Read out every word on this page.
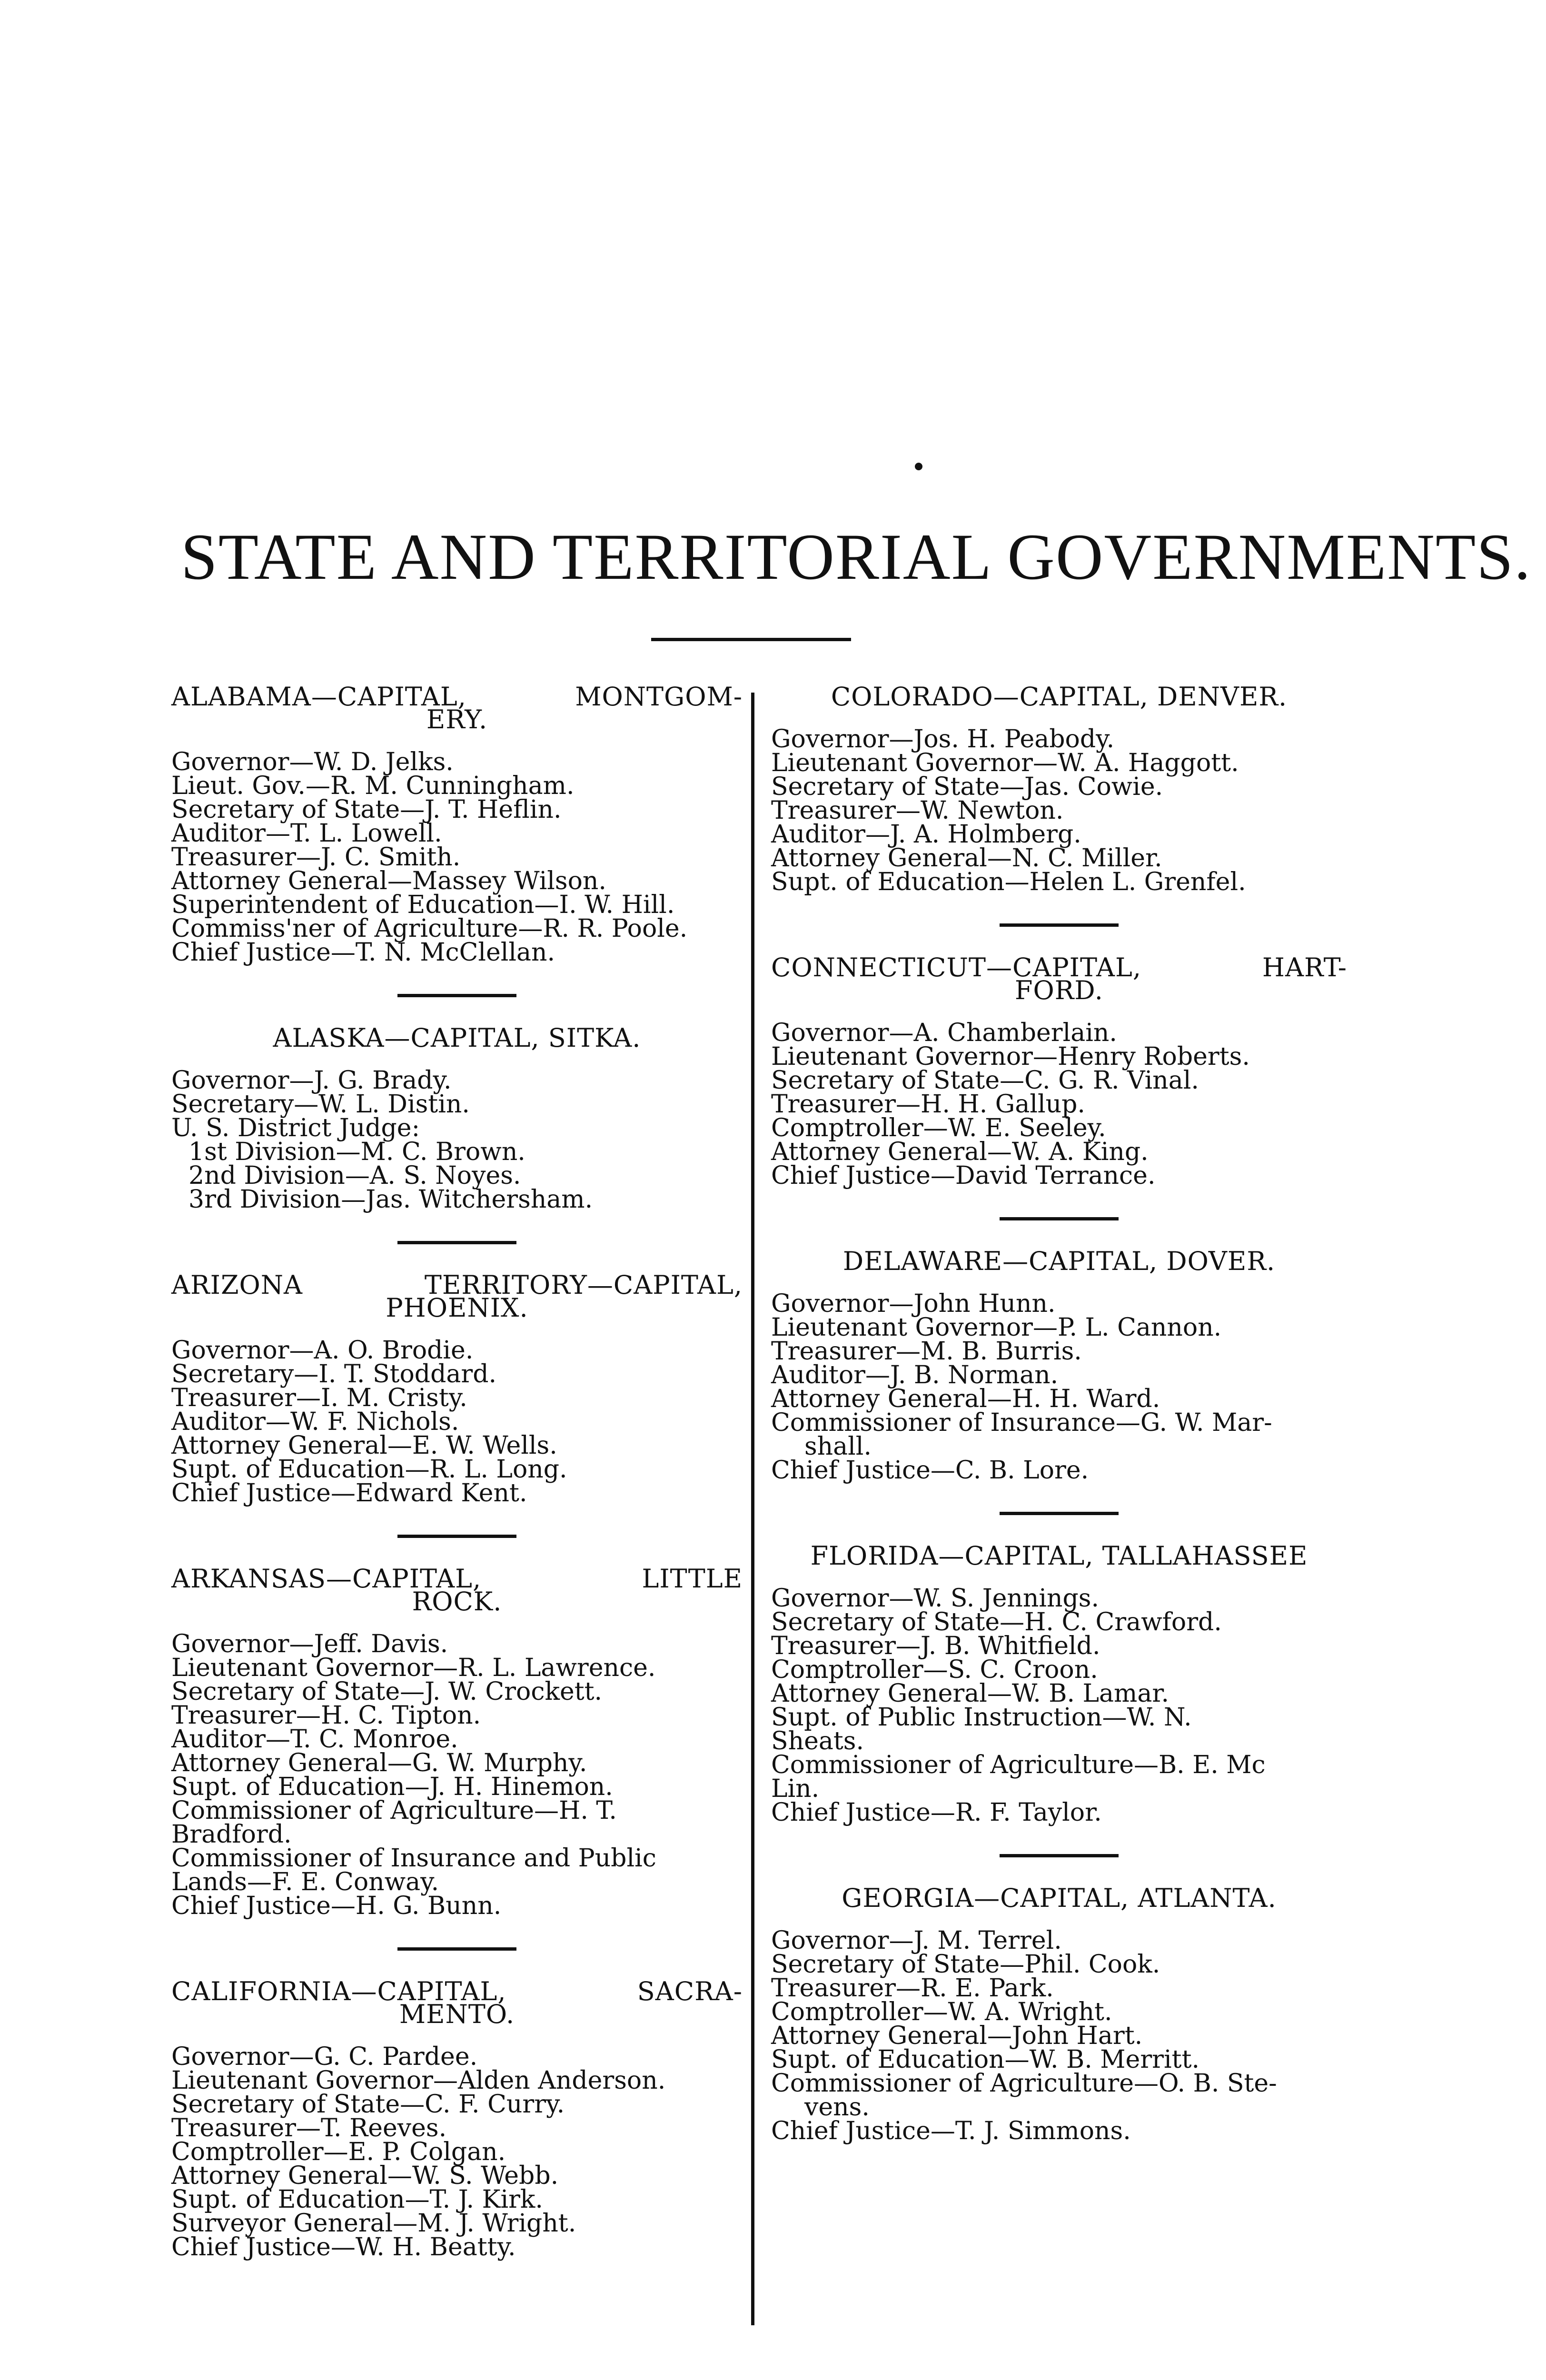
STATE AND TERRITORIAL GOVERNMENTS.
ALABAMA—CAPITAL, MONTGOM-
ERY.
Governor—W. D. Jelks.
Lieut. Gov.—R. M. Cunningham.
Secretary of State—J. T. Heflin.
Auditor—T. L. Lowell.
Treasurer—J. C. Smith.
Attorney General—Massey Wilson.
Superintendent of Education—I. W. Hill.
Commiss'ner of Agriculture—R. R. Poole.
Chief Justice—T. N. McClellan.
ALASKA—CAPITAL, SITKA.
Governor—J. G. Brady.
Secretary—W. L. Distin.
U. S. District Judge:
1st Division—M. C. Brown.
2nd Division—A. S. Noyes.
3rd Division—Jas. Witchersham.
ARIZONA TERRITORY—CAPITAL,
PHOENIX.
Governor—A. O. Brodie.
Secretary—I. T. Stoddard.
Treasurer—I. M. Cristy.
Auditor—W. F. Nichols.
Attorney General—E. W. Wells.
Supt. of Education—R. L. Long.
Chief Justice—Edward Kent.
ARKANSAS—CAPITAL, LITTLE
ROCK.
Governor—Jeff. Davis.
Lieutenant Governor—R. L. Lawrence.
Secretary of State—J. W. Crockett.
Treasurer—H. C. Tipton.
Auditor—T. C. Monroe.
Attorney General—G. W. Murphy.
Supt. of Education—J. H. Hinemon.
Commissioner of Agriculture—H. T.
Bradford.
Commissioner of Insurance and Public
Lands—F. E. Conway.
Chief Justice—H. G. Bunn.
CALIFORNIA—CAPITAL, SACRA-
MENTO.
Governor—G. C. Pardee.
Lieutenant Governor—Alden Anderson.
Secretary of State—C. F. Curry.
Treasurer—T. Reeves.
Comptroller—E. P. Colgan.
Attorney General—W. S. Webb.
Supt. of Education—T. J. Kirk.
Surveyor General—M. J. Wright.
Chief Justice—W. H. Beatty.
COLORADO—CAPITAL, DENVER.
Governor—Jos. H. Peabody.
Lieutenant Governor—W. A. Haggott.
Secretary of State—Jas. Cowie.
Treasurer—W. Newton.
Auditor—J. A. Holmberg.
Attorney General—N. C. Miller.
Supt. of Education—Helen L. Grenfel.
CONNECTICUT—CAPITAL, HART-
FORD.
Governor—A. Chamberlain.
Lieutenant Governor—Henry Roberts.
Secretary of State—C. G. R. Vinal.
Treasurer—H. H. Gallup.
Comptroller—W. E. Seeley.
Attorney General—W. A. King.
Chief Justice—David Terrance.
DELAWARE—CAPITAL, DOVER.
Governor—John Hunn.
Lieutenant Governor—P. L. Cannon.
Treasurer—M. B. Burris.
Auditor—J. B. Norman.
Attorney General—H. H. Ward.
Commissioner of Insurance—G. W. Mar-
shall.
Chief Justice—C. B. Lore.
FLORIDA—CAPITAL, TALLAHASSEE
Governor—W. S. Jennings.
Secretary of State—H. C. Crawford.
Treasurer—J. B. Whitfield.
Comptroller—S. C. Croon.
Attorney General—W. B. Lamar.
Supt. of Public Instruction—W. N.
Sheats.
Commissioner of Agriculture—B. E. Mc
Lin.
Chief Justice—R. F. Taylor.
GEORGIA—CAPITAL, ATLANTA.
Governor—J. M. Terrel.
Secretary of State—Phil. Cook.
Treasurer—R. E. Park.
Comptroller—W. A. Wright.
Attorney General—John Hart.
Supt. of Education—W. B. Merritt.
Commissioner of Agriculture—O. B. Ste-
vens.
Chief Justice—T. J. Simmons.
